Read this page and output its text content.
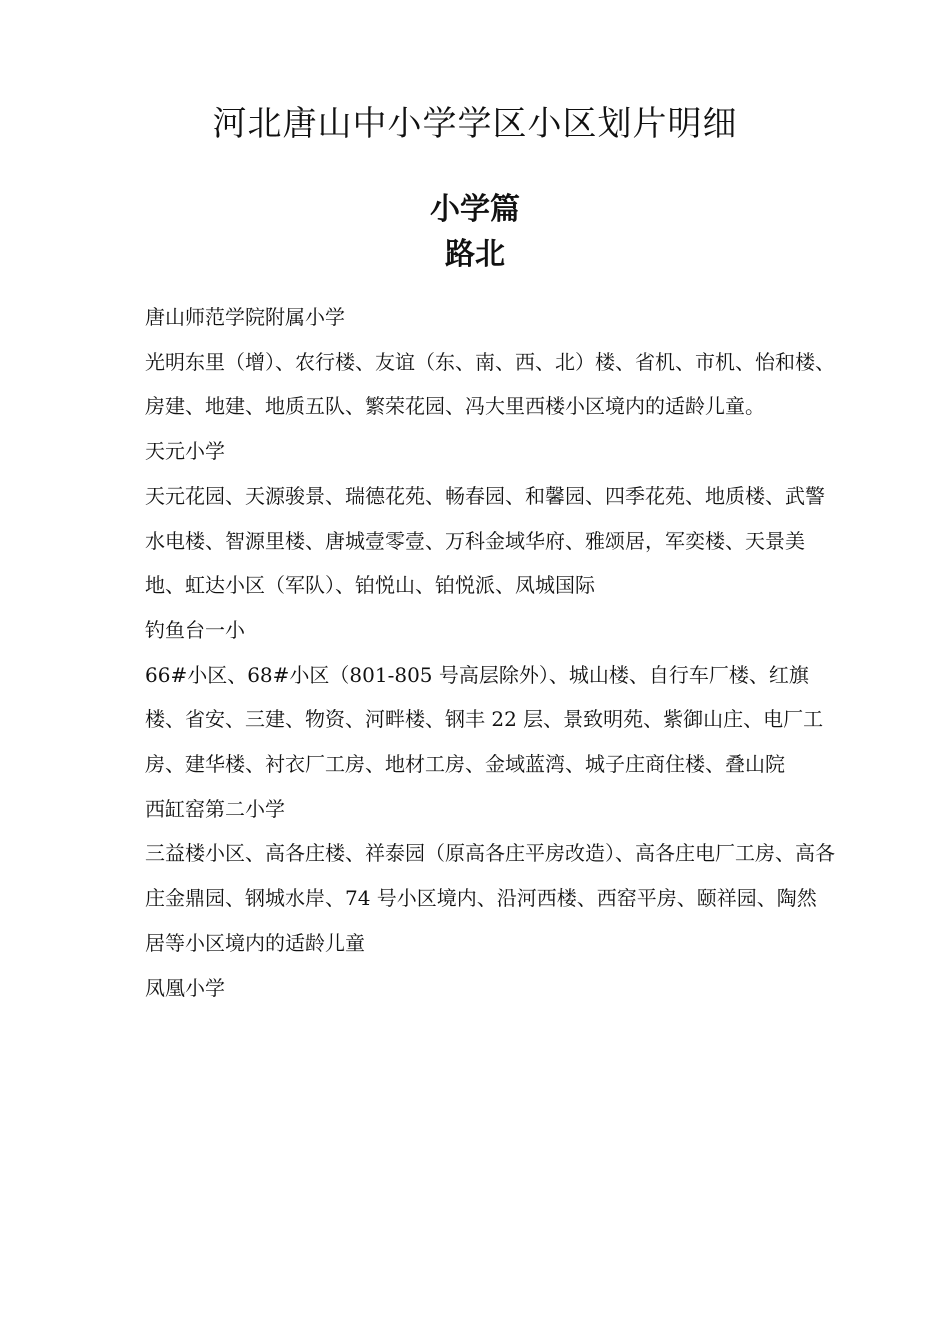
河北唐山中小学学区小区划片明细
小学篇
路北

唐山师范学院附属小学

光明东里（增）、农行楼、友谊（东、南、西、北）楼、省机、市机、怡和楼、房建、地建、地质五队、繁荣花园、冯大里西楼小区境内的适龄儿童。

天元小学

天元花园、天源骏景、瑞德花苑、畅春园、和馨园、四季花苑、地质楼、武警水电楼、智源里楼、唐城壹零壹、万科金域华府、雅颂居，军奕楼、天景美地、虹达小区（军队）、铂悦山、铂悦派、凤城国际

钓鱼台一小

66#小区、68#小区（801-805 号高层除外）、城山楼、自行车厂楼、红旗楼、省安、三建、物资、河畔楼、钢丰 22 层、景致明苑、紫御山庄、电厂工房、建华楼、衬衣厂工房、地材工房、金域蓝湾、城子庄商住楼、叠山院

西缸窑第二小学

三益楼小区、高各庄楼、祥泰园（原高各庄平房改造）、高各庄电厂工房、高各庄金鼎园、钢城水岸、74 号小区境内、沿河西楼、西窑平房、颐祥园、陶然居等小区境内的适龄儿童

凤凰小学
